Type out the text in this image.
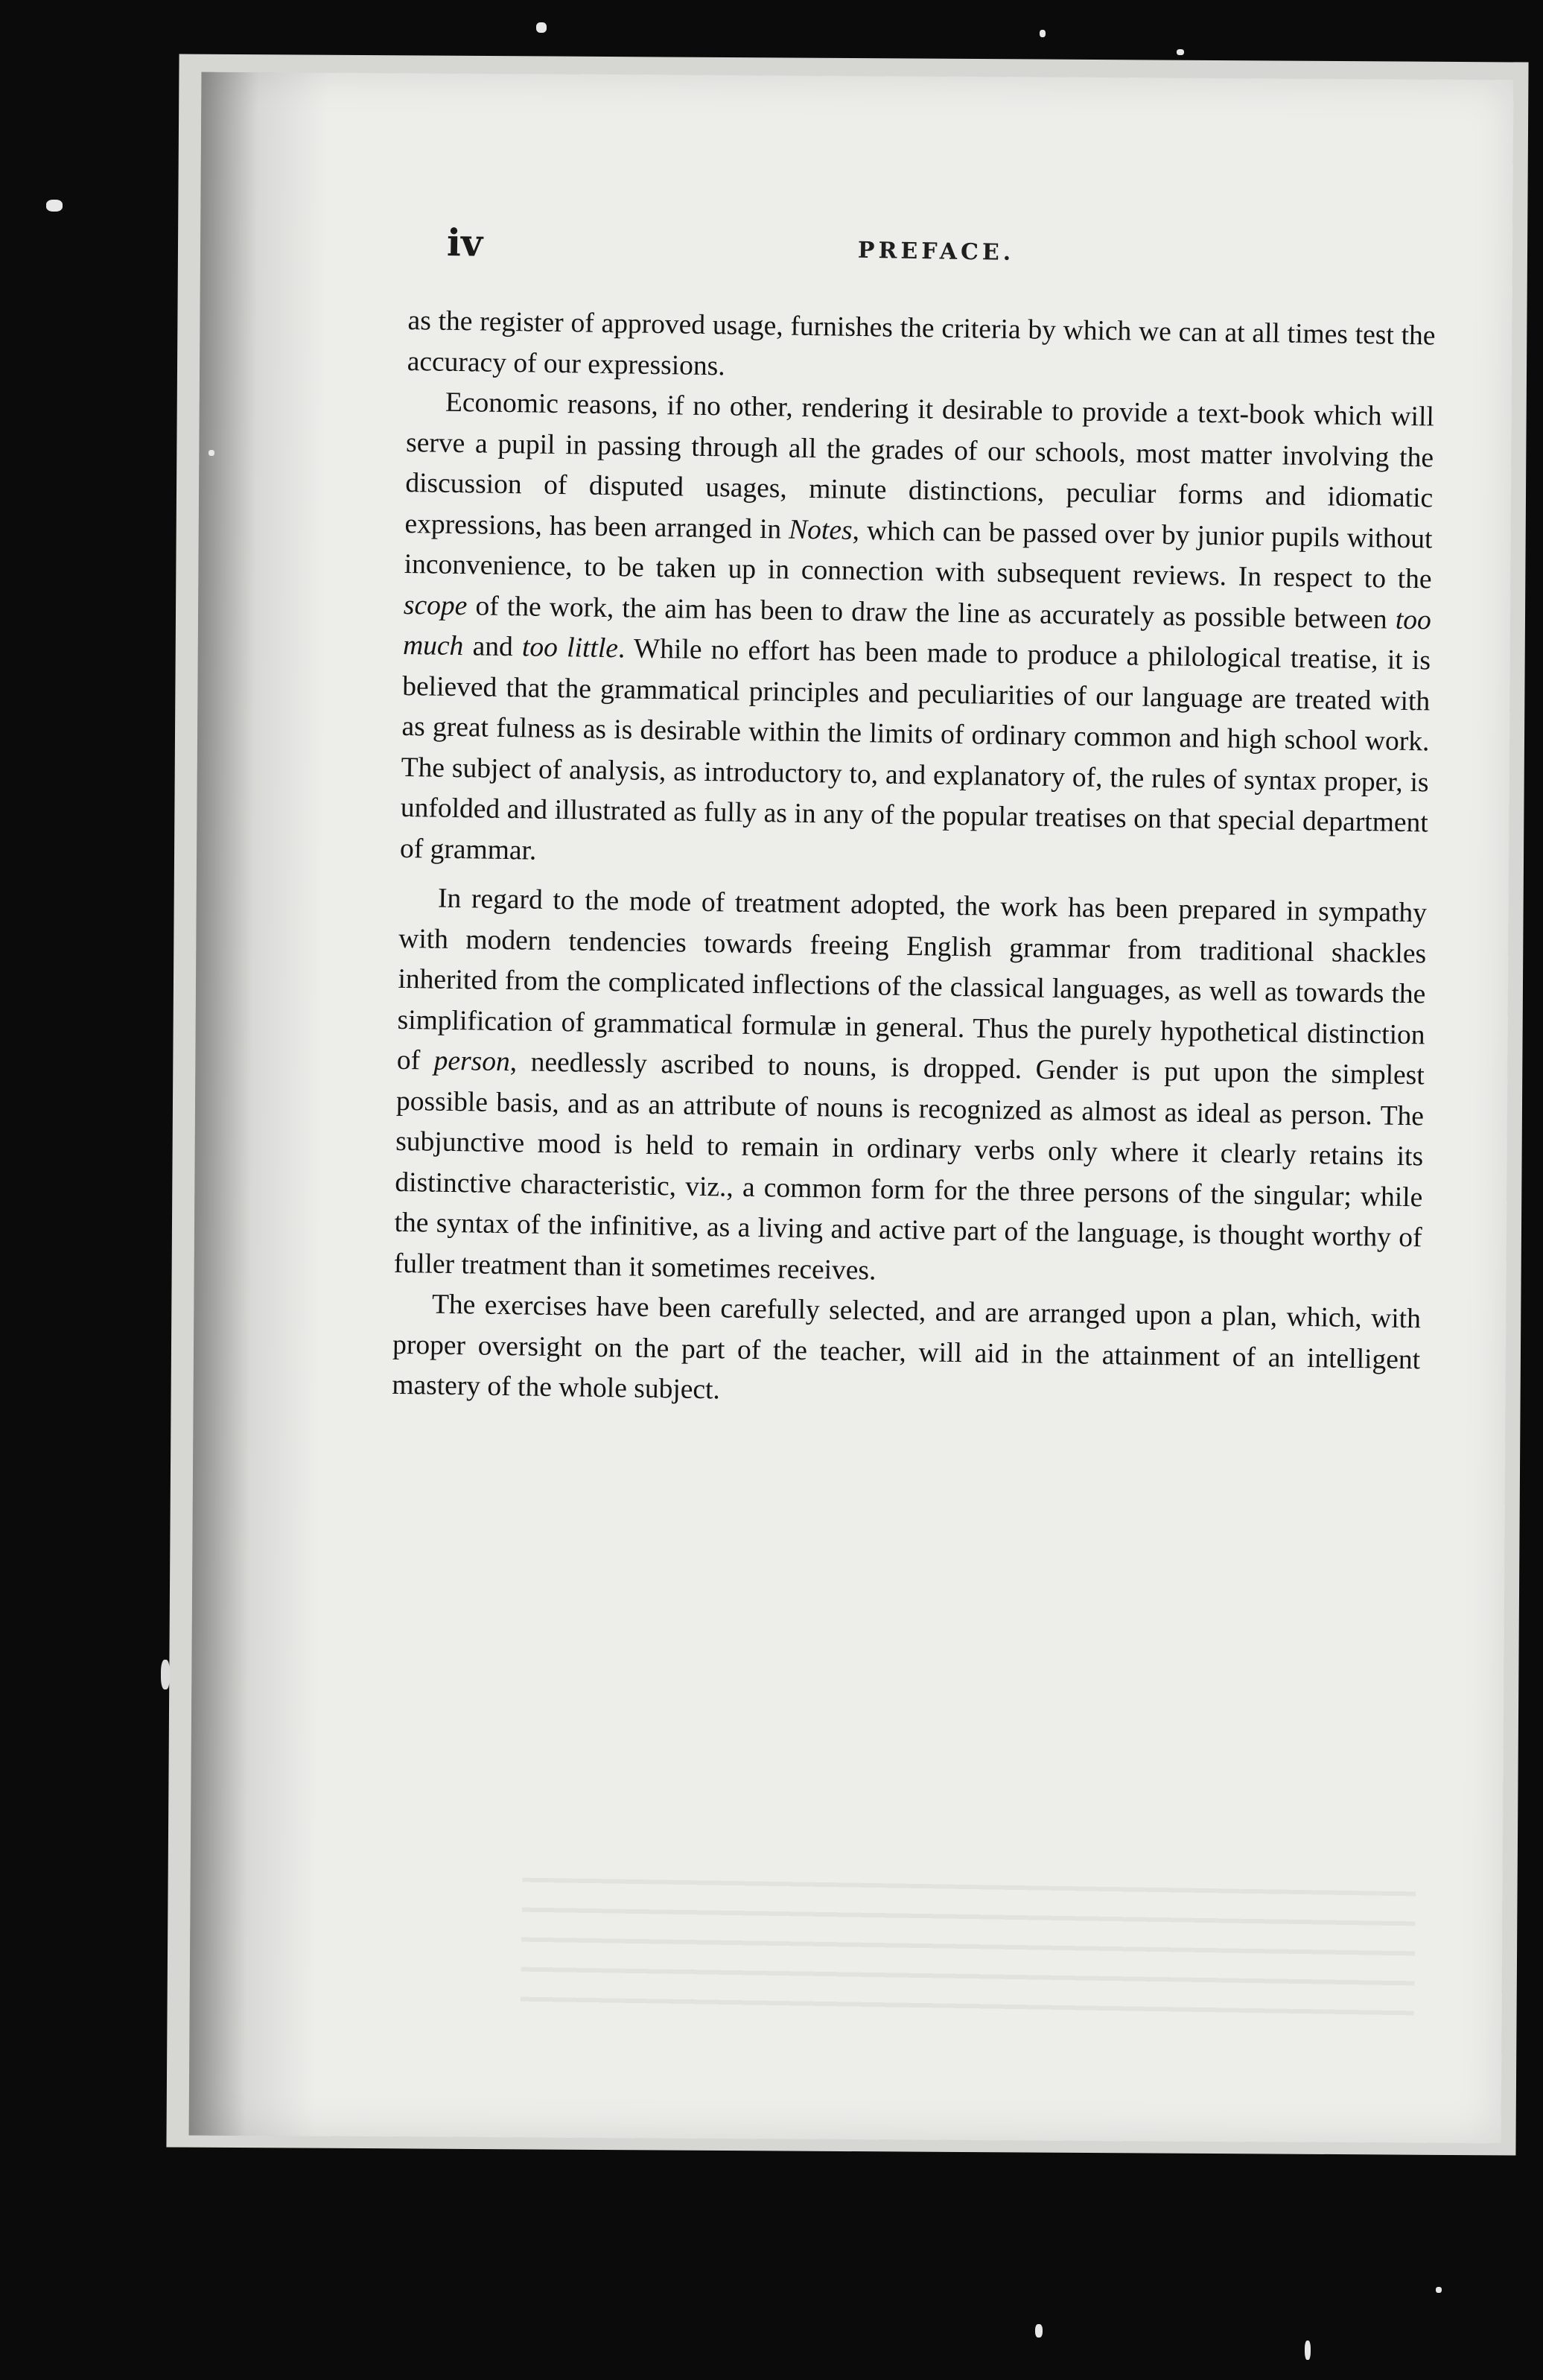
iv	PREFACE.

as the register of approved usage, furnishes the criteria by which we can at all times test the accuracy of our expressions.

Economic reasons, if no other, rendering it desirable to provide a text-book which will serve a pupil in passing through all the grades of our schools, most matter involving the discussion of disputed usages, minute distinctions, peculiar forms and idiomatic expressions, has been arranged in Notes, which can be passed over by junior pupils without inconvenience, to be taken up in connection with subsequent reviews. In respect to the scope of the work, the aim has been to draw the line as accurately as possible between too much and too little. While no effort has been made to produce a philological treatise, it is believed that the grammatical principles and peculiarities of our language are treated with as great fulness as is desirable within the limits of ordinary common and high school work. The subject of analysis, as introductory to, and explanatory of, the rules of syntax proper, is unfolded and illustrated as fully as in any of the popular treatises on that special department of grammar.

In regard to the mode of treatment adopted, the work has been prepared in sympathy with modern tendencies towards freeing English grammar from traditional shackles inherited from the complicated inflections of the classical languages, as well as towards the simplification of grammatical formulæ in general. Thus the purely hypothetical distinction of person, needlessly ascribed to nouns, is dropped. Gender is put upon the simplest possible basis, and as an attribute of nouns is recognized as almost as ideal as person. The subjunctive mood is held to remain in ordinary verbs only where it clearly retains its distinctive characteristic, viz., a common form for the three persons of the singular; while the syntax of the infinitive, as a living and active part of the language, is thought worthy of fuller treatment than it sometimes receives.

The exercises have been carefully selected, and are arranged upon a plan, which, with proper oversight on the part of the teacher, will aid in the attainment of an intelligent mastery of the whole subject.
